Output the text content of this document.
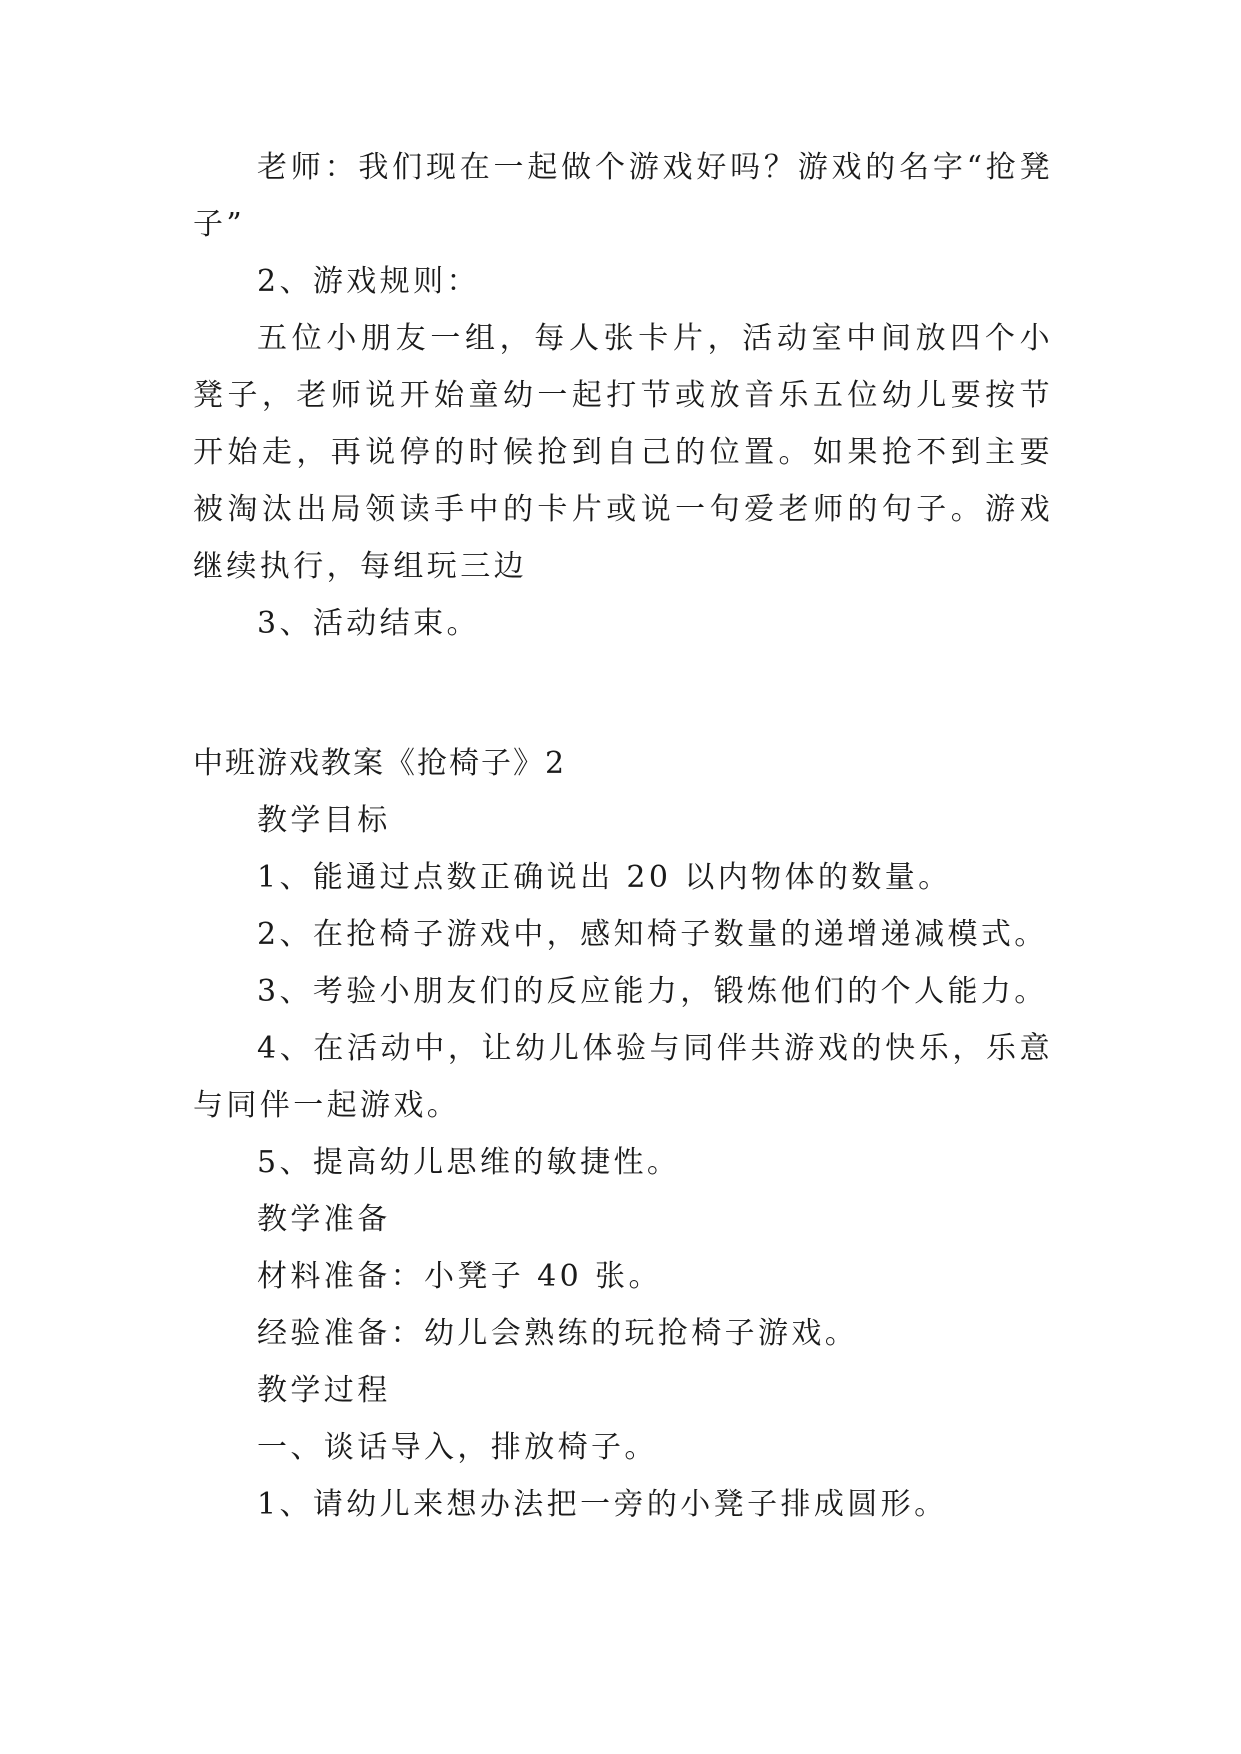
老师：我们现在一起做个游戏好吗？游戏的名字“抢凳子”

2、游戏规则：

五位小朋友一组，每人张卡片，活动室中间放四个小凳子，老师说开始童幼一起打节或放音乐五位幼儿要按节开始走，再说停的时候抢到自己的位置。如果抢不到主要被淘汰出局领读手中的卡片或说一句爱老师的句子。游戏继续执行，每组玩三边

3、活动结束。

中班游戏教案《抢椅子》2

教学目标

1、能通过点数正确说出 20 以内物体的数量。

2、在抢椅子游戏中，感知椅子数量的递增递减模式。

3、考验小朋友们的反应能力，锻炼他们的个人能力。

4、在活动中，让幼儿体验与同伴共游戏的快乐，乐意与同伴一起游戏。

5、提高幼儿思维的敏捷性。

教学准备

材料准备：小凳子 40 张。

经验准备：幼儿会熟练的玩抢椅子游戏。

教学过程

一、谈话导入，排放椅子。

1、请幼儿来想办法把一旁的小凳子排成圆形。
